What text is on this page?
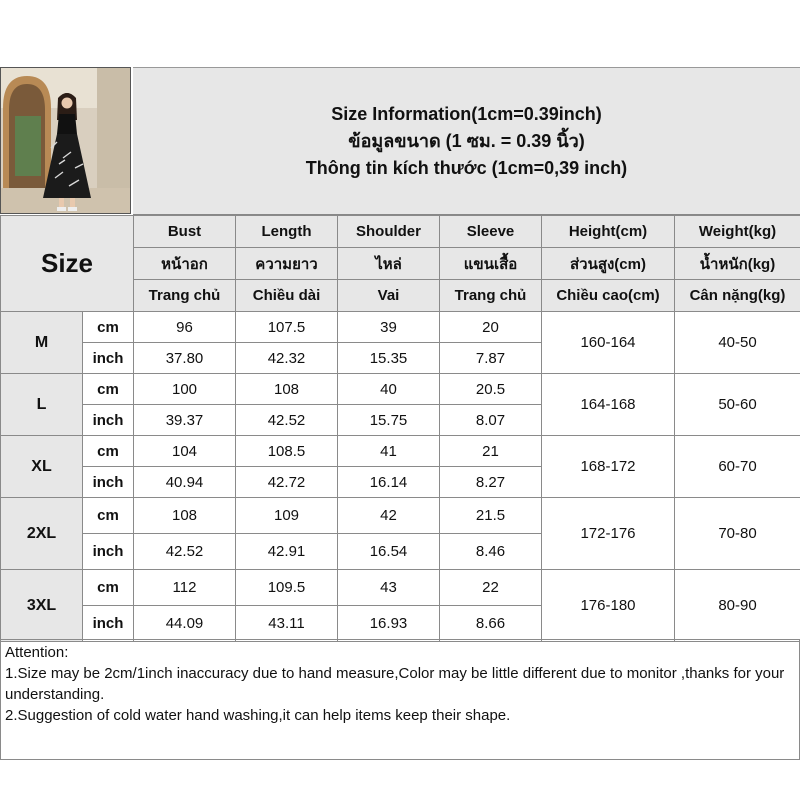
Size Information(1cm=0.39inch)
ข้อมูลขนาด (1 ซม. = 0.39 นิ้ว)
Thông tin kích thước (1cm=0,39 inch)
Size		Bust	Length	Shoulder	Sleeve	Height(cm)	Weight(kg)
		หน้าอก	ความยาว	ไหล่	แขนเสื้อ	ส่วนสูง(cm)	น้ำหนัก(kg)
		Trang chủ	Chiều dài	Vai	Trang chủ	Chiều cao(cm)	Cân nặng(kg)
M	cm	96	107.5	39	20	160-164	40-50
	inch	37.80	42.32	15.35	7.87		
L	cm	100	108	40	20.5	164-168	50-60
	inch	39.37	42.52	15.75	8.07		
XL	cm	104	108.5	41	21	168-172	60-70
	inch	40.94	42.72	16.14	8.27		
2XL	cm	108	109	42	21.5	172-176	70-80
	inch	42.52	42.91	16.54	8.46		
3XL	cm	112	109.5	43	22	176-180	80-90
	inch	44.09	43.11	16.93	8.66		
Attention:
1.Size may be 2cm/1inch inaccuracy due to hand measure,Color may be little different due to monitor ,thanks for your understanding.
2.Suggestion of cold water hand washing,it can help items keep their shape.
